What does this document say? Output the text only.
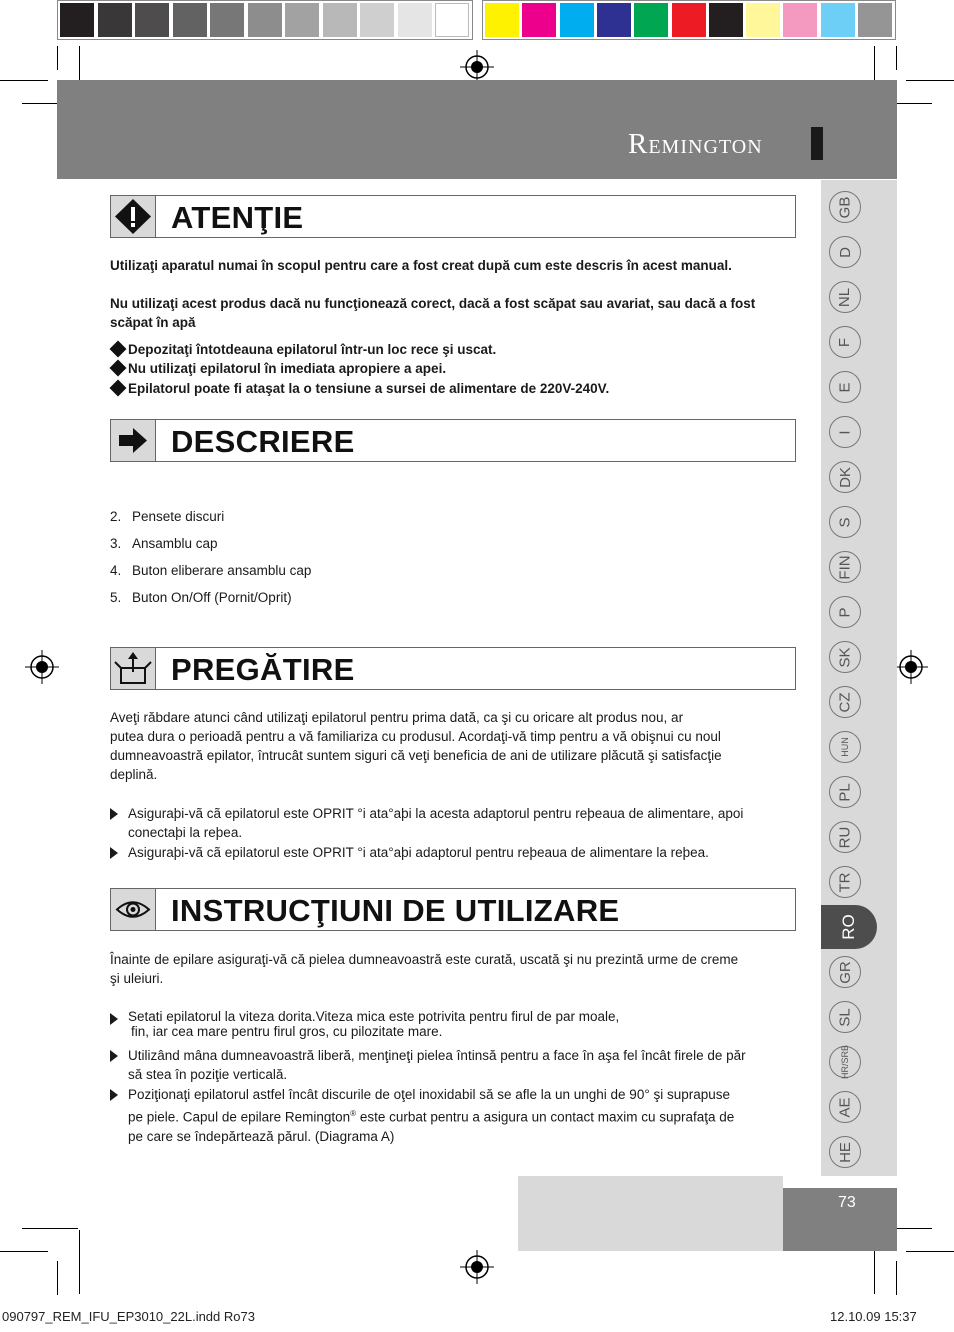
Remington
GB
D
NL
F
E
I
DK
S
FIN
P
SK
CZ
HUN
PL
RU
TR
RO
GR
SL
HR/SRB
AE
HE
ATENŢIE
Utilizaţi aparatul numai în scopul pentru care a fost creat după cum este descris în acest manual.
Nu utilizaţi acest produs dacă nu funcţionează corect, dacă a fost scăpat sau avariat, sau dacă a fost scăpat în apă
Depozitaţi întotdeauna epilatorul într-un loc rece şi uscat.
Nu utilizaţi epilatorul în imediata apropiere a apei.
Epilatorul poate fi ataşat la o tensiune a sursei de alimentare de 220V-240V.
DESCRIERE
2. Pensete discuri
3. Ansamblu cap
4. Buton eliberare ansamblu cap
5. Buton On/Off (Pornit/Oprit)
PREGĂTIRE
Aveţi răbdare atunci când utilizaţi epilatorul pentru prima dată, ca şi cu oricare alt produs nou, ar
putea dura o perioadă pentru a vă familiariza cu produsul. Acordaţi-vă timp pentru a vă obişnui cu noul
dumneavoastră epilator, întrucât suntem siguri că veţi beneficia de ani de utilizare plăcută şi satisfacţie
deplină.
Asiguraþi-vã cã epilatorul este OPRIT °i ata°aþi la acesta adaptorul pentru reþeaua de alimentare, apoi
conectaþi la reþea.
Asiguraþi-vã cã epilatorul este OPRIT °i ata°aþi adaptorul pentru reþeaua de alimentare la reþea.
INSTRUCŢIUNI DE UTILIZARE
Înainte de epilare asiguraţi-vă că pielea dumneavoastră este curată, uscată şi nu prezintă urme de creme
şi uleiuri.
Setati epilatorul la viteza dorita.Viteza mica este potrivita pentru firul de par moale,
fin, iar cea mare pentru firul gros, cu pilozitate mare.
Utilizând mâna dumneavoastră liberă, menţineţi pielea întinsă pentru a face în aşa fel încât firele de păr
să stea în poziţie verticală.
Poziţionaţi epilatorul astfel încât discurile de oţel inoxidabil să se afle la un unghi de 90° şi suprapuse
pe piele. Capul de epilare Remington® este curbat pentru a asigura un contact maxim cu suprafaţa de
pe care se îndepărtează părul. (Diagrama A)
73
090797_REM_IFU_EP3010_22L.indd Ro73	12.10.09 15:37
